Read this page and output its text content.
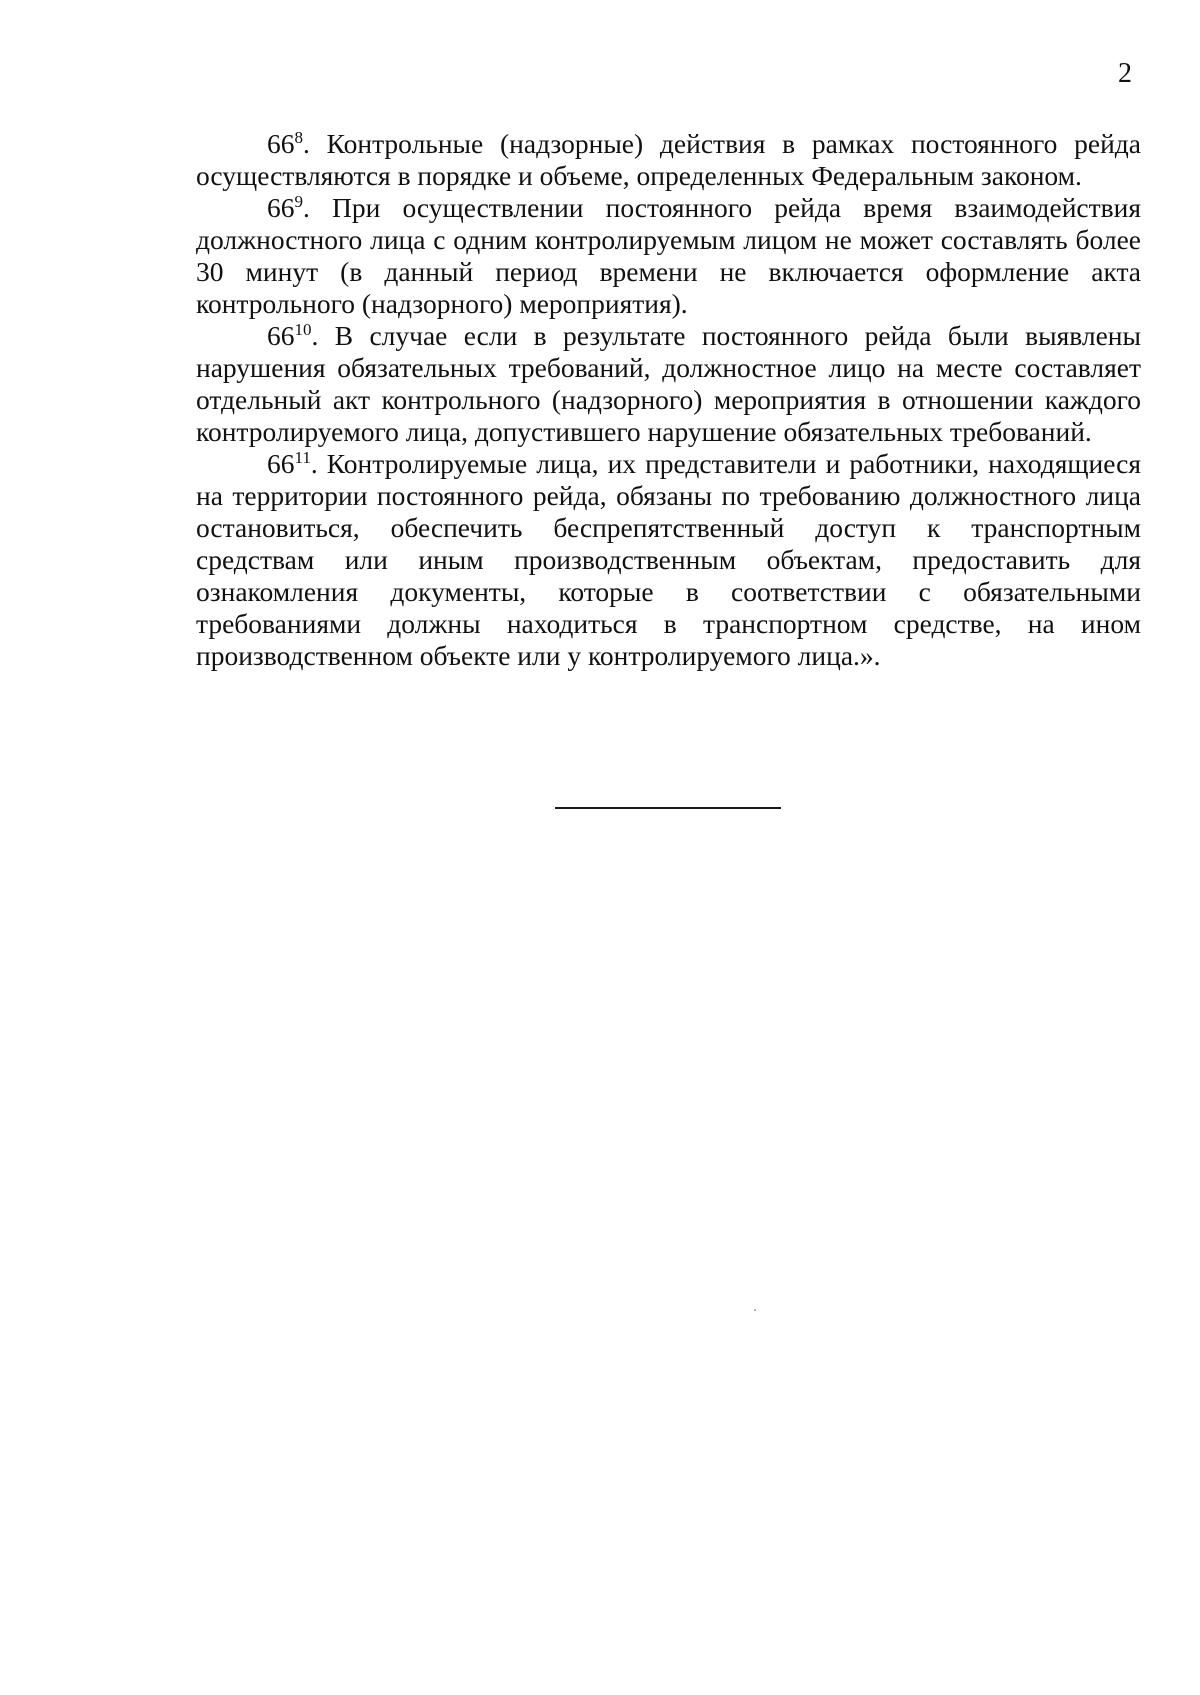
2

$66^8$. Контрольные (надзорные) действия в рамках постоянного рейда осуществляются в порядке и объеме, определенных Федеральным законом.

$66^9$. При осуществлении постоянного рейда время взаимодействия должностного лица с одним контролируемым лицом не может составлять более 30 минут (в данный период времени не включается оформление акта контрольного (надзорного) мероприятия).

$66^{10}$. В случае если в результате постоянного рейда были выявлены нарушения обязательных требований, должностное лицо на месте составляет отдельный акт контрольного (надзорного) мероприятия в отношении каждого контролируемого лица, допустившего нарушение обязательных требований.

$66^{11}$. Контролируемые лица, их представители и работники, находящиеся на территории постоянного рейда, обязаны по требованию должностного лица остановиться, обеспечить беспрепятственный доступ к транспортным средствам или иным производственным объектам, предоставить для ознакомления документы, которые в соответствии с обязательными требованиями должны находиться в транспортном средстве, на ином производственном объекте или у контролируемого лица.».
